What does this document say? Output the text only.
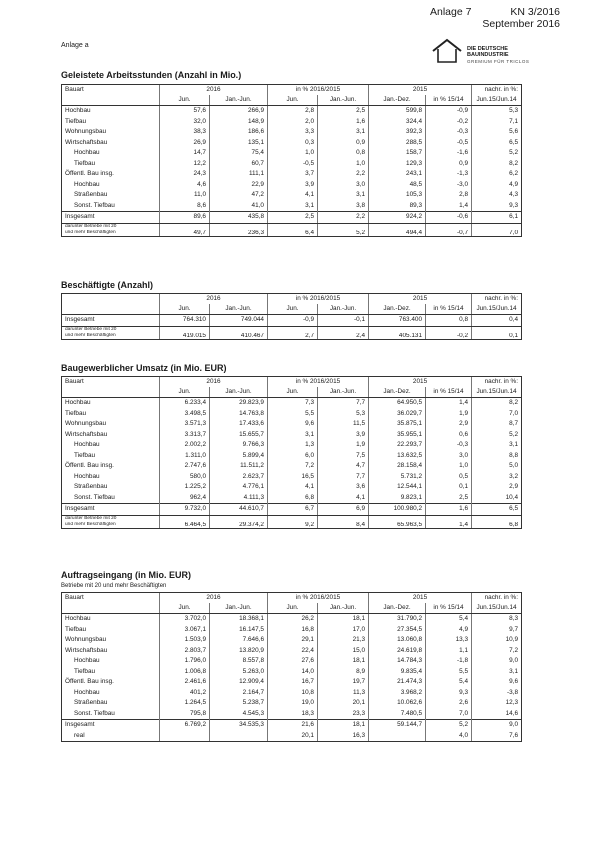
Anlage 7	KN 3/2016
September 2016
Anlage a	DIE DEUTSCHE
BAUINDUSTRIE
GREMIUM FÜR TRICLOS
Geleistete Arbeitsstunden (Anzahl in Mio.)
Beschäftigte (Anzahl)
Baugewerblicher Umsatz (in Mio. EUR)
Auftragseingang (in Mio. EUR)
Betriebe mit 20 und mehr Beschäftigten
Bauart	2016		in % 2016/2015		2015		nachr. in %:
	Jun.	Jan.-Jun.	Jun.	Jan.-Jun.	Jan.-Dez.	in % 15/14	Jun.15/Jun.14
Hochbau	57,6	266,9	2,8	2,5	599,8	-0,9	5,3
Tiefbau	32,0	148,9	2,0	1,6	324,4	-0,2	7,1
Wohnungsbau	38,3	186,6	3,3	3,1	392,3	-0,3	5,6
Wirtschaftsbau	26,9	135,1	0,3	0,9	288,5	-0,5	6,5
Hochbau	14,7	75,4	1,0	0,8	158,7	-1,6	5,2
Tiefbau	12,2	60,7	-0,5	1,0	129,3	0,9	8,2
Öffentl. Bau insg.	24,3	111,1	3,7	2,2	243,1	-1,3	6,2
Hochbau	4,6	22,9	3,9	3,0	48,5	-3,0	4,9
Straßenbau	11,0	47,2	4,1	3,1	105,3	2,8	4,3
Sonst. Tiefbau	8,6	41,0	3,1	3,8	89,3	1,4	9,3
Insgesamt	89,6	435,8	2,5	2,2	924,2	-0,6	6,1
darunter Betriebe mit 20							
und mehr Beschäftigten	49,7	236,3	6,4	5,2	494,4	-0,7	7,0
	2016		in % 2016/2015		2015		nachr. in %:
	Jun.	Jan.-Jun.	Jun.	Jan.-Jun.	Jan.-Dez.	in % 15/14	Jun.15/Jun.14
Insgesamt	764.310	749.044	-0,9	-0,1	763.400	0,8	0,4
darunter Betriebe mit 20							
und mehr Beschäftigten	419.015	410.467	2,7	2,4	405.131	-0,2	0,1
Bauart	2016		in % 2016/2015		2015		nachr. in %:
	Jun.	Jan.-Jun.	Jun.	Jan.-Jun.	Jan.-Dez.	in % 15/14	Jun.15/Jun.14
Hochbau	6.233,4	29.823,9	7,3	7,7	64.950,5	1,4	8,2
Tiefbau	3.498,5	14.763,8	5,5	5,3	36.029,7	1,9	7,0
Wohnungsbau	3.571,3	17.433,6	9,6	11,5	35.875,1	2,9	8,7
Wirtschaftsbau	3.313,7	15.655,7	3,1	3,9	35.955,1	0,6	5,2
Hochbau	2.002,2	9.766,3	1,3	1,9	22.293,7	-0,3	3,1
Tiefbau	1.311,0	5.899,4	6,0	7,5	13.632,5	3,0	8,8
Öffentl. Bau insg.	2.747,6	11.511,2	7,2	4,7	28.158,4	1,0	5,0
Hochbau	580,0	2.623,7	16,5	7,7	5.731,2	0,5	3,2
Straßenbau	1.225,2	4.776,1	4,1	3,6	12.544,1	0,1	2,9
Sonst. Tiefbau	962,4	4.111,3	6,8	4,1	9.823,1	2,5	10,4
Insgesamt	9.732,0	44.610,7	6,7	6,9	100.980,2	1,6	6,5
darunter Betriebe mit 20							
und mehr Beschäftigten	6.464,5	29.374,2	9,2	8,4	65.963,5	1,4	6,8
Bauart	2016		in % 2016/2015		2015		nachr. in %:
	Jun.	Jan.-Jun.	Jun.	Jan.-Jun.	Jan.-Dez.	in % 15/14	Jun.15/Jun.14
Hochbau	3.702,0	18.368,1	26,2	18,1	31.790,2	5,4	8,3
Tiefbau	3.067,1	16.147,5	16,8	17,0	27.354,5	4,9	9,7
Wohnungsbau	1.503,9	7.646,6	29,1	21,3	13.060,8	13,3	10,9
Wirtschaftsbau	2.803,7	13.820,9	22,4	15,0	24.619,8	1,1	7,2
Hochbau	1.796,0	8.557,8	27,6	18,1	14.784,3	-1,8	9,0
Tiefbau	1.006,8	5.263,0	14,0	8,9	9.835,4	5,5	3,1
Öffentl. Bau insg.	2.461,6	12.909,4	16,7	19,7	21.474,3	5,4	9,6
Hochbau	401,2	2.164,7	10,8	11,3	3.968,2	9,3	-3,8
Straßenbau	1.264,5	5.238,7	19,0	20,1	10.062,6	2,6	12,3
Sonst. Tiefbau	795,8	4.545,3	18,3	23,3	7.480,5	7,0	14,6
Insgesamt	6.769,2	34.535,3	21,6	18,1	59.144,7	5,2	9,0
real			20,1	16,3		4,0	7,6
